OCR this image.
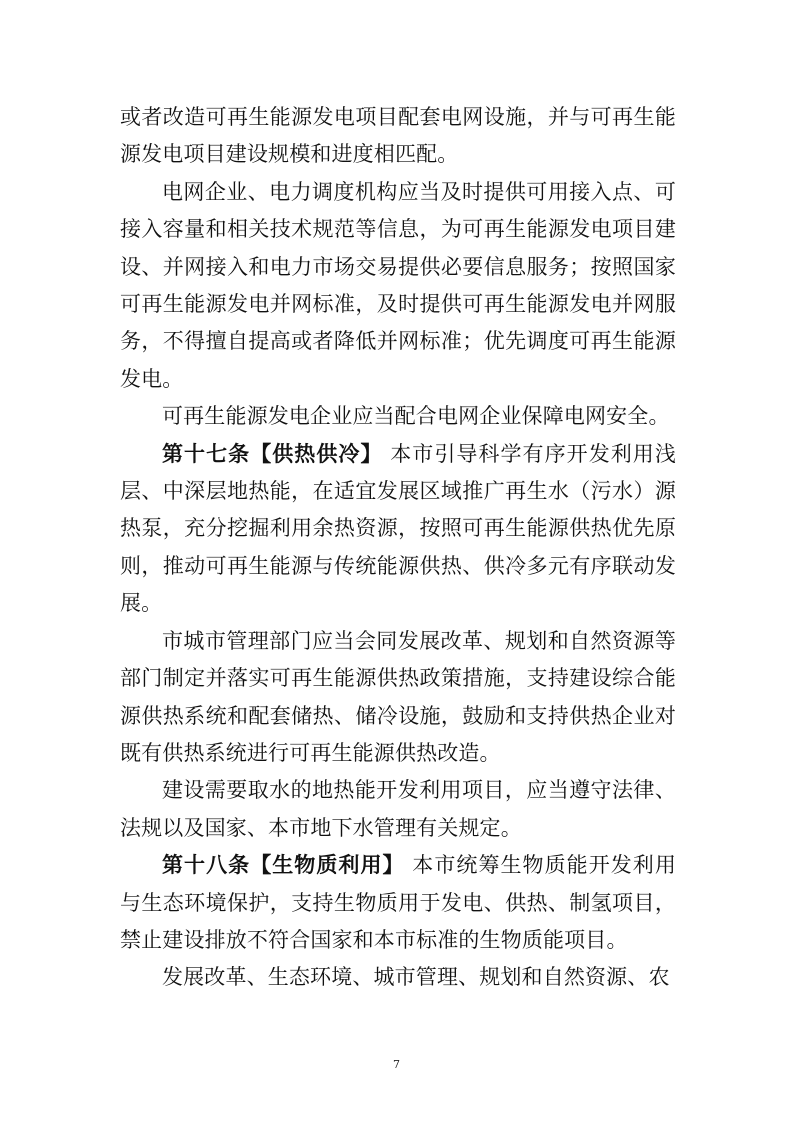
或者改造可再生能源发电项目配套电网设施，并与可再生能源发电项目建设规模和进度相匹配。

电网企业、电力调度机构应当及时提供可用接入点、可接入容量和相关技术规范等信息，为可再生能源发电项目建设、并网接入和电力市场交易提供必要信息服务；按照国家可再生能源发电并网标准，及时提供可再生能源发电并网服务，不得擅自提高或者降低并网标准；优先调度可再生能源发电。

可再生能源发电企业应当配合电网企业保障电网安全。

第十七条【供热供冷】 本市引导科学有序开发利用浅层、中深层地热能，在适宜发展区域推广再生水（污水）源热泵，充分挖掘利用余热资源，按照可再生能源供热优先原则，推动可再生能源与传统能源供热、供冷多元有序联动发展。

市城市管理部门应当会同发展改革、规划和自然资源等部门制定并落实可再生能源供热政策措施，支持建设综合能源供热系统和配套储热、储冷设施，鼓励和支持供热企业对既有供热系统进行可再生能源供热改造。

建设需要取水的地热能开发利用项目，应当遵守法律、法规以及国家、本市地下水管理有关规定。

第十八条【生物质利用】 本市统筹生物质能开发利用与生态环境保护，支持生物质用于发电、供热、制氢项目，禁止建设排放不符合国家和本市标准的生物质能项目。

发展改革、生态环境、城市管理、规划和自然资源、农

7
